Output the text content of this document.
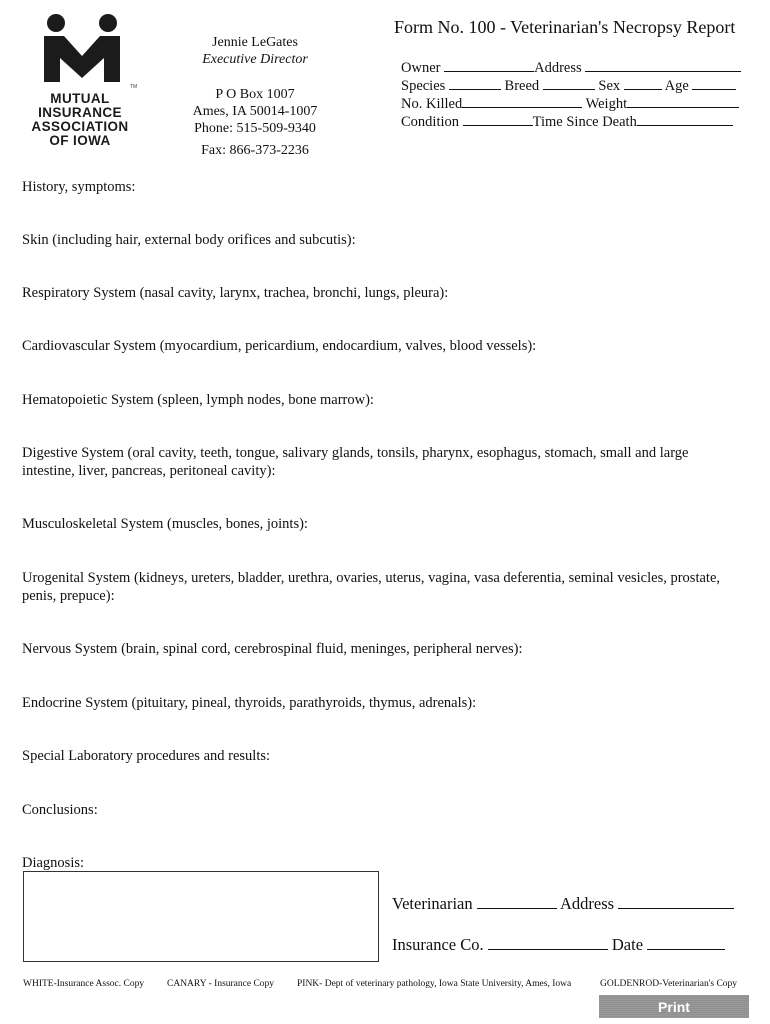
TM
MUTUAL
INSURANCE
ASSOCIATION
OF IOWA
Jennie LeGates
Executive Director
P O Box 1007
Ames, IA 50014-1007
Phone: 515-509-9340
Fax: 866-373-2236
Form No. 100 - Veterinarian's Necropsy Report
Owner	Address
Species	Breed	Sex	Age
No. Killed	Weight
Condition	Time Since Death
History, symptoms:
Skin (including hair, external body orifices and subcutis):
Respiratory System (nasal cavity, larynx, trachea, bronchi, lungs, pleura):
Cardiovascular System (myocardium, pericardium, endocardium, valves, blood vessels):
Hematopoietic System (spleen, lymph nodes, bone marrow):
Digestive System (oral cavity, teeth, tongue, salivary glands, tonsils, pharynx, esophagus, stomach, small and large intestine, liver, pancreas, peritoneal cavity):
Musculoskeletal System (muscles, bones, joints):
Urogenital System (kidneys, ureters, bladder, urethra, ovaries, uterus, vagina, vasa deferentia, seminal vesicles, prostate, penis, prepuce):
Nervous System (brain, spinal cord, cerebrospinal fluid, meninges, peripheral nerves):
Endocrine System (pituitary, pineal, thyroids, parathyroids, thymus, adrenals):
Special Laboratory procedures and results:
Conclusions:
Diagnosis:
Veterinarian	Address
Insurance Co.	Date
WHITE-Insurance Assoc. Copy CANARY - Insurance Copy PINK- Dept of veterinary pathology, Iowa State University, Ames, Iowa	GOLDENROD-Veterinarian's Copy
Print
